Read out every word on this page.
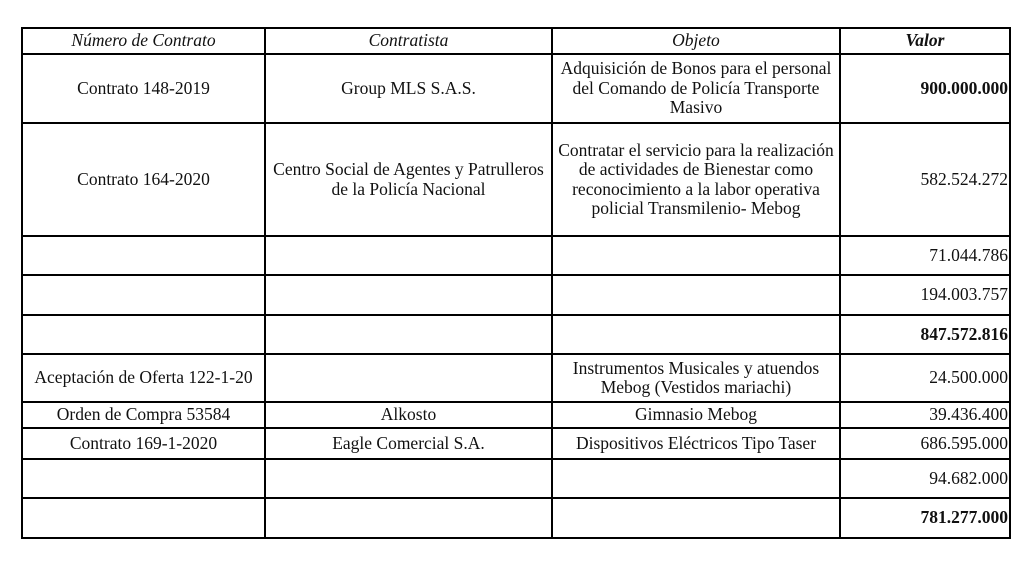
Número de Contrato	Contratista	Objeto	Valor
Contrato 148-2019	Group MLS S.A.S.	Adquisición de Bonos para el personal del Comando de Policía Transporte Masivo	900.000.000
Contrato 164-2020	Centro Social de Agentes y Patrulleros de la Policía Nacional	Contratar el servicio para la realización de actividades de Bienestar como reconocimiento a la labor operativa policial Transmilenio- Mebog	582.524.272
			71.044.786
			194.003.757
			847.572.816
Aceptación de Oferta 122-1-20		Instrumentos Musicales y atuendos Mebog (Vestidos mariachi)	24.500.000
Orden de Compra 53584	Alkosto	Gimnasio Mebog	39.436.400
Contrato 169-1-2020	Eagle Comercial S.A.	Dispositivos Eléctricos Tipo Taser	686.595.000
			94.682.000
			781.277.000
